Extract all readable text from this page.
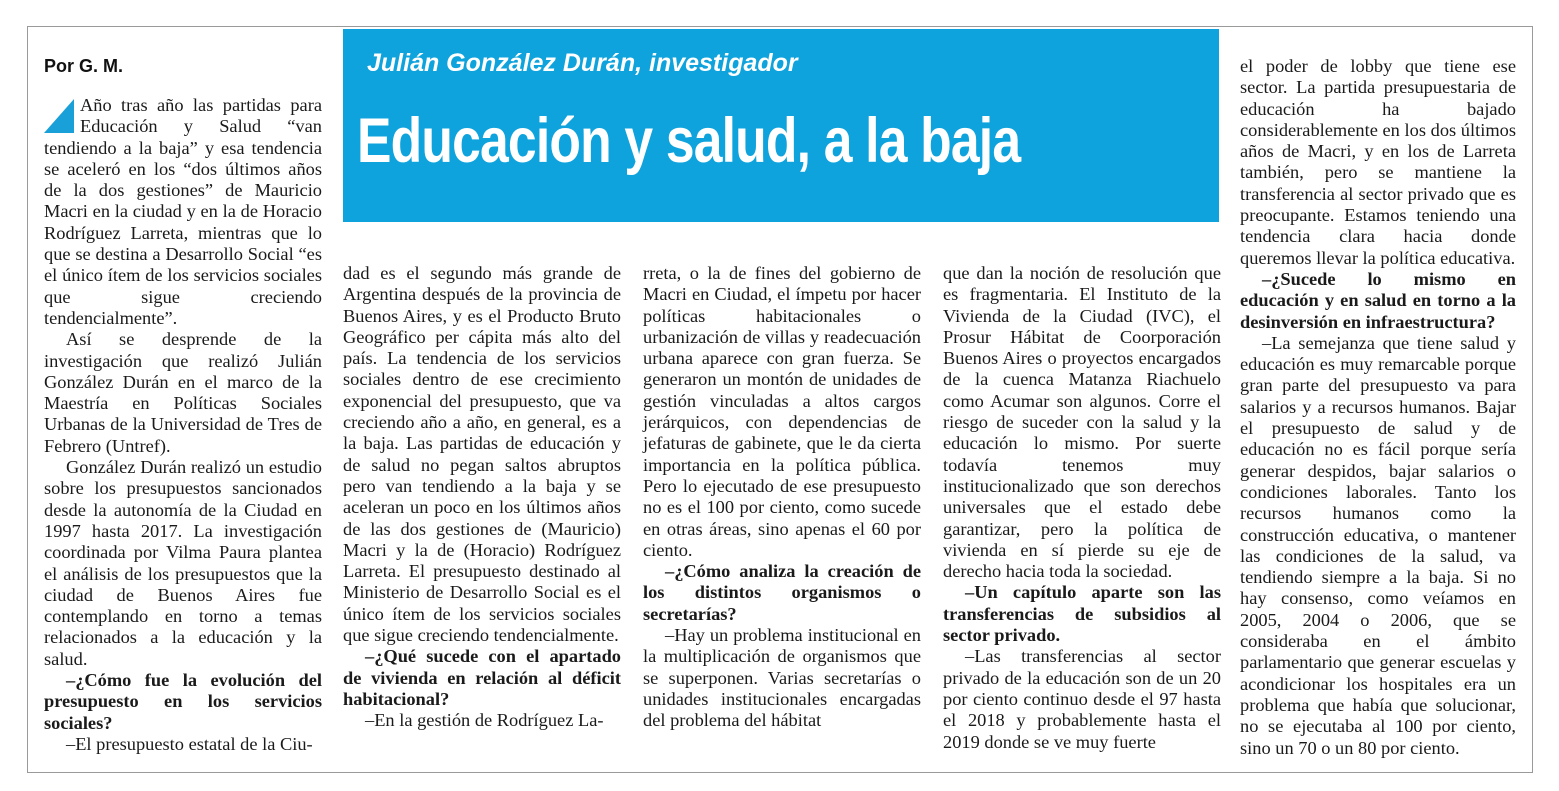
Por G. M.	Julián González Durán, investigador
Educación y salud, a la baja

Año tras año las partidas para Educación y Salud “van tendiendo a la baja” y esa tendencia se aceleró en los “dos últimos años de la dos gestiones” de Mauricio Macri en la ciudad y en la de Horacio Rodríguez Larreta, mientras que lo que se destina a Desarrollo Social “es el único ítem de los servicios sociales que sigue creciendo tendencialmente”.

Así se desprende de la investigación que realizó Julián González Durán en el marco de la Maestría en Políticas Sociales Urbanas de la Universidad de Tres de Febrero (Untref).

González Durán realizó un estudio sobre los presupuestos sancionados desde la autonomía de la Ciudad en 1997 hasta 2017. La investigación coordinada por Vilma Paura plantea el análisis de los presupuestos que la ciudad de Buenos Aires fue contemplando en torno a temas relacionados a la educación y la salud.

–¿Cómo fue la evolución del presupuesto en los servicios sociales?

–El presupuesto estatal de la Ciu-

dad es el segundo más grande de Argentina después de la provincia de Buenos Aires, y es el Producto Bruto Geográfico per cápita más alto del país. La tendencia de los servicios sociales dentro de ese crecimiento exponencial del presupuesto, que va creciendo año a año, en general, es a la baja. Las partidas de educación y de salud no pegan saltos abruptos pero van tendiendo a la baja y se aceleran un poco en los últimos años de las dos gestiones de (Mauricio) Macri y la de (Horacio) Rodríguez Larreta. El presupuesto destinado al Ministerio de Desarrollo Social es el único ítem de los servicios sociales que sigue creciendo tendencialmente.

–¿Qué sucede con el apartado de vivienda en relación al déficit habitacional?

–En la gestión de Rodríguez La-

rreta, o la de fines del gobierno de Macri en Ciudad, el ímpetu por hacer políticas habitacionales o urbanización de villas y readecuación urbana aparece con gran fuerza. Se generaron un montón de unidades de gestión vinculadas a altos cargos jerárquicos, con dependencias de jefaturas de gabinete, que le da cierta importancia en la política pública. Pero lo ejecutado de ese presupuesto no es el 100 por ciento, como sucede en otras áreas, sino apenas el 60 por ciento.

–¿Cómo analiza la creación de los distintos organismos o secretarías?

–Hay un problema institucional en la multiplicación de organismos que se superponen. Varias secretarías o unidades institucionales encargadas del problema del hábitat

que dan la noción de resolución que es fragmentaria. El Instituto de la Vivienda de la Ciudad (IVC), el Prosur Hábitat de Coorporación Buenos Aires o proyectos encargados de la cuenca Matanza Riachuelo como Acumar son algunos. Corre el riesgo de suceder con la salud y la educación lo mismo. Por suerte todavía tenemos muy institucionalizado que son derechos universales que el estado debe garantizar, pero la política de vivienda en sí pierde su eje de derecho hacia toda la sociedad.

–Un capítulo aparte son las transferencias de subsidios al sector privado.

–Las transferencias al sector privado de la educación son de un 20 por ciento continuo desde el 97 hasta el 2018 y probablemente hasta el 2019 donde se ve muy fuerte

el poder de lobby que tiene ese sector. La partida presupuestaria de educación ha bajado considerablemente en los dos últimos años de Macri, y en los de Larreta también, pero se mantiene la transferencia al sector privado que es preocupante. Estamos teniendo una tendencia clara hacia donde queremos llevar la política educativa.

–¿Sucede lo mismo en educación y en salud en torno a la desinversión en infraestructura?

–La semejanza que tiene salud y educación es muy remarcable porque gran parte del presupuesto va para salarios y a recursos humanos. Bajar el presupuesto de salud y de educación no es fácil porque sería generar despidos, bajar salarios o condiciones laborales. Tanto los recursos humanos como la construcción educativa, o mantener las condiciones de la salud, va tendiendo siempre a la baja. Si no hay consenso, como veíamos en 2005, 2004 o 2006, que se consideraba en el ámbito parlamentario que generar escuelas y acondicionar los hospitales era un problema que había que solucionar, no se ejecutaba al 100 por ciento, sino un 70 o un 80 por ciento.
